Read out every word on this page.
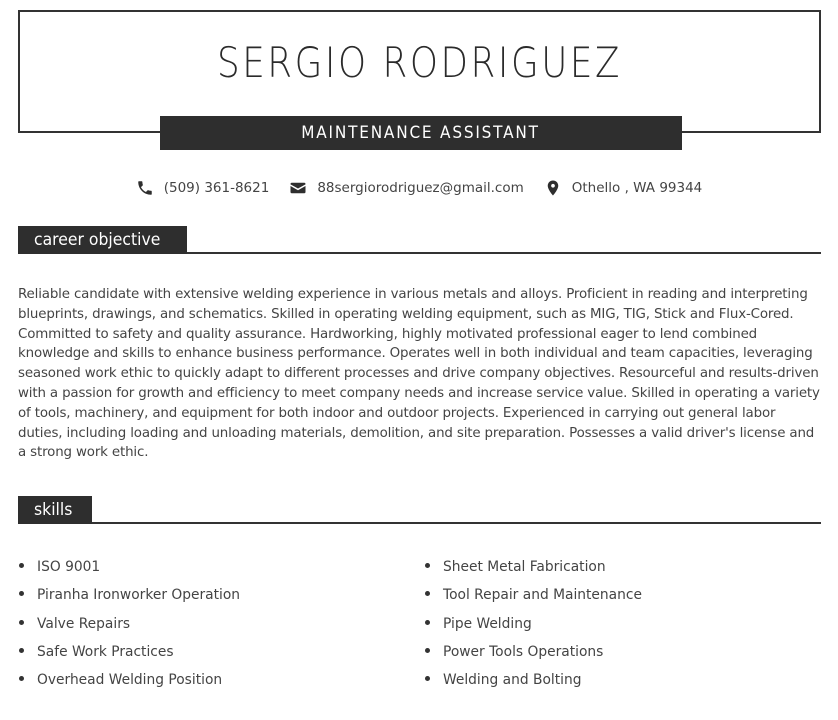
SERGIO RODRIGUEZ
MAINTENANCE ASSISTANT
(509) 361-8621	88sergiorodriguez@gmail.com	Othello , WA 99344
career objective

Reliable candidate with extensive welding experience in various metals and alloys. Proficient in reading and interpreting blueprints, drawings, and schematics. Skilled in operating welding equipment, such as MIG, TIG, Stick and Flux-Cored. Committed to safety and quality assurance. Hardworking, highly motivated professional eager to lend combined knowledge and skills to enhance business performance. Operates well in both individual and team capacities, leveraging seasoned work ethic to quickly adapt to different processes and drive company objectives. Resourceful and results-driven with a passion for growth and efficiency to meet company needs and increase service value. Skilled in operating a variety of tools, machinery, and equipment for both indoor and outdoor projects. Experienced in carrying out general labor duties, including loading and unloading materials, demolition, and site preparation. Possesses a valid driver's license and a strong work ethic.

skills
ISO 9001
Piranha Ironworker Operation
Valve Repairs
Safe Work Practices
Overhead Welding Position
Sheet Metal Fabrication
Tool Repair and Maintenance
Pipe Welding
Power Tools Operations
Welding and Bolting
